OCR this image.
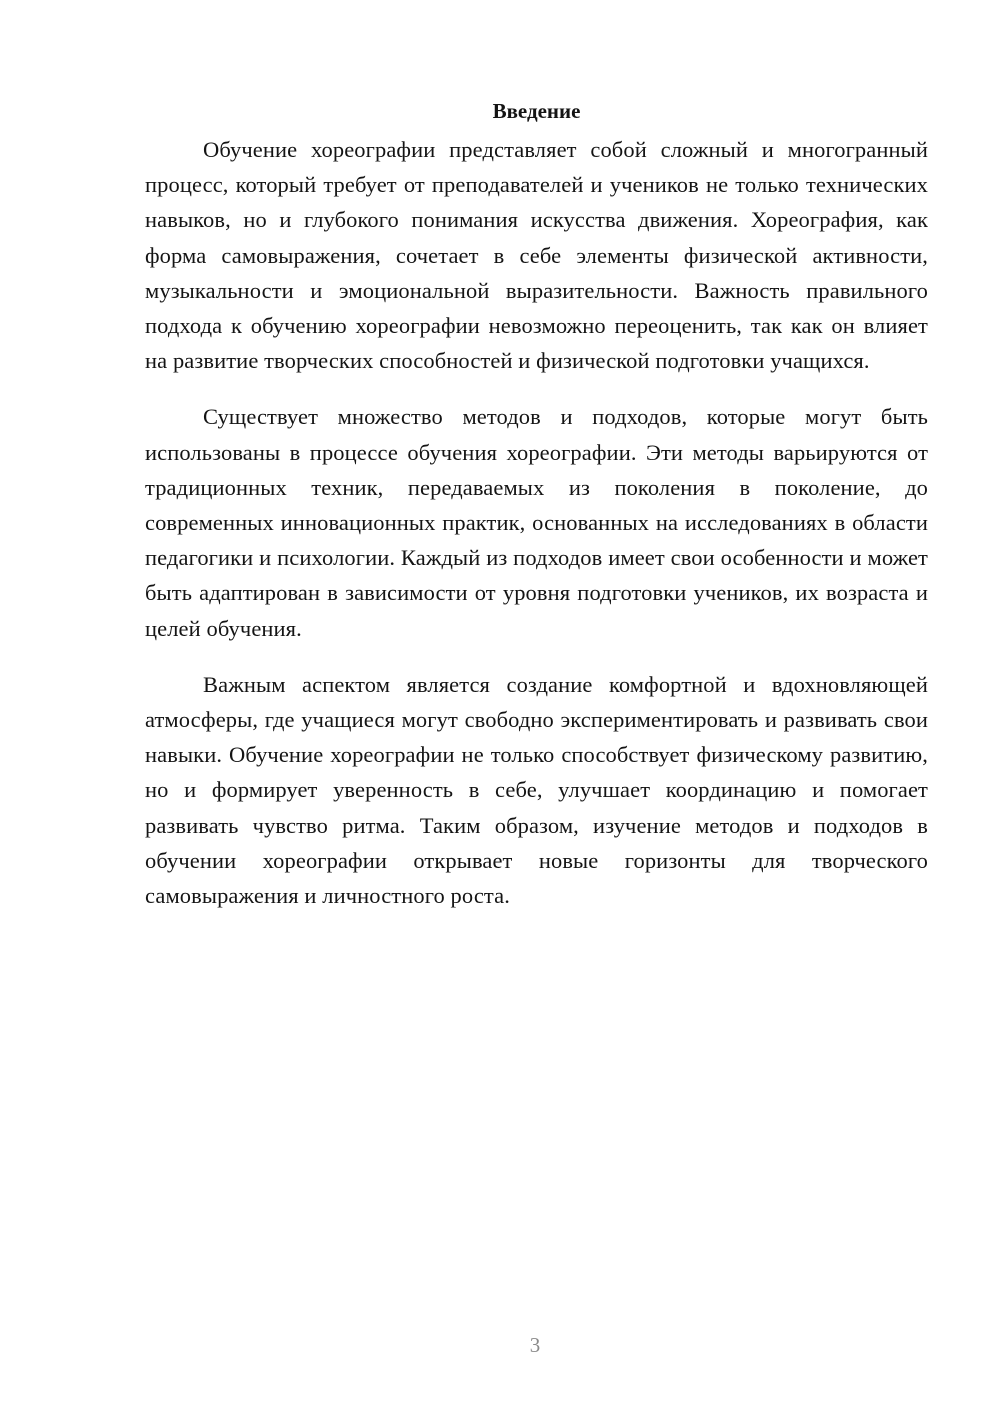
Введение

Обучение хореографии представляет собой сложный и многогранный процесс, который требует от преподавателей и учеников не только технических навыков, но и глубокого понимания искусства движения. Хореография, как форма самовыражения, сочетает в себе элементы физической активности, музыкальности и эмоциональной выразительности. Важность правильного подхода к обучению хореографии невозможно переоценить, так как он влияет на развитие творческих способностей и физической подготовки учащихся.

Существует множество методов и подходов, которые могут быть использованы в процессе обучения хореографии. Эти методы варьируются от традиционных техник, передаваемых из поколения в поколение, до современных инновационных практик, основанных на исследованиях в области педагогики и психологии. Каждый из подходов имеет свои особенности и может быть адаптирован в зависимости от уровня подготовки учеников, их возраста и целей обучения.

Важным аспектом является создание комфортной и вдохновляющей атмосферы, где учащиеся могут свободно экспериментировать и развивать свои навыки. Обучение хореографии не только способствует физическому развитию, но и формирует уверенность в себе, улучшает координацию и помогает развивать чувство ритма. Таким образом, изучение методов и подходов в обучении хореографии открывает новые горизонты для творческого самовыражения и личностного роста.

3
